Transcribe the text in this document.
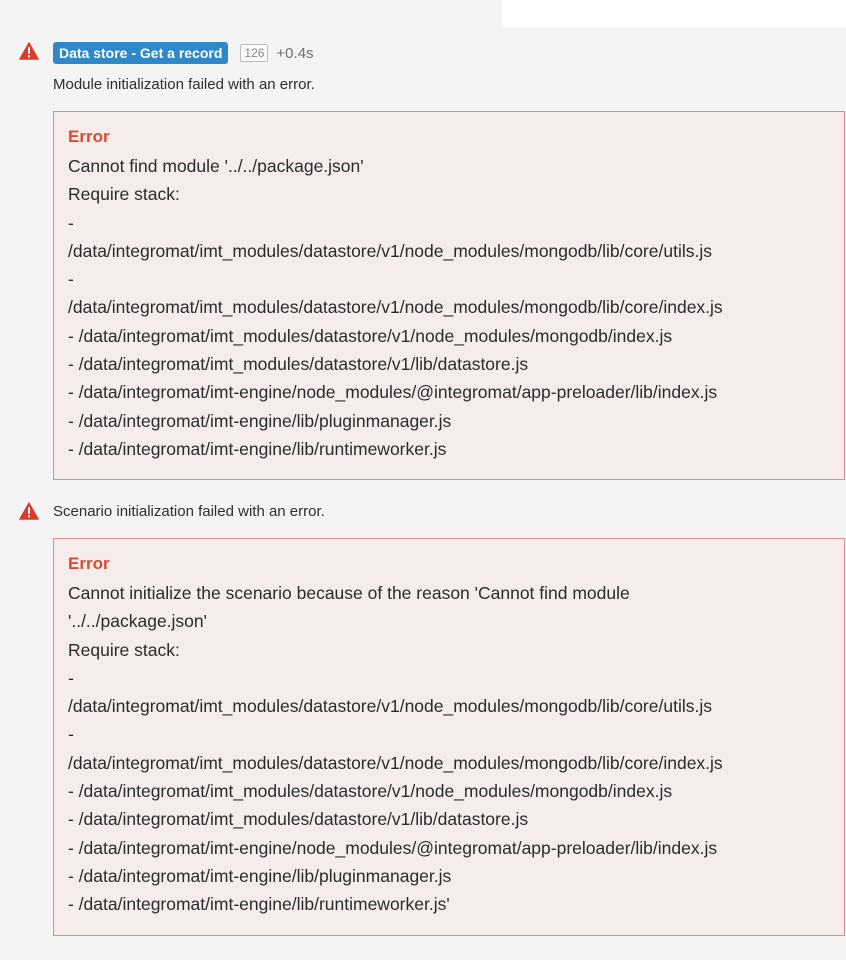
Data store - Get a record	126 +0.4s
Module initialization failed with an error.
Error
Cannot find module '../../package.json'
Require stack:
-
/data/integromat/imt_modules/datastore/v1/node_modules/mongodb/lib/core/utils.js
-
/data/integromat/imt_modules/datastore/v1/node_modules/mongodb/lib/core/index.js
- /data/integromat/imt_modules/datastore/v1/node_modules/mongodb/index.js
- /data/integromat/imt_modules/datastore/v1/lib/datastore.js
- /data/integromat/imt-engine/node_modules/@integromat/app-preloader/lib/index.js
- /data/integromat/imt-engine/lib/pluginmanager.js
- /data/integromat/imt-engine/lib/runtimeworker.js
Scenario initialization failed with an error.
Error
Cannot initialize the scenario because of the reason 'Cannot find module
'../../package.json'
Require stack:
-
/data/integromat/imt_modules/datastore/v1/node_modules/mongodb/lib/core/utils.js
-
/data/integromat/imt_modules/datastore/v1/node_modules/mongodb/lib/core/index.js
- /data/integromat/imt_modules/datastore/v1/node_modules/mongodb/index.js
- /data/integromat/imt_modules/datastore/v1/lib/datastore.js
- /data/integromat/imt-engine/node_modules/@integromat/app-preloader/lib/index.js
- /data/integromat/imt-engine/lib/pluginmanager.js
- /data/integromat/imt-engine/lib/runtimeworker.js'
